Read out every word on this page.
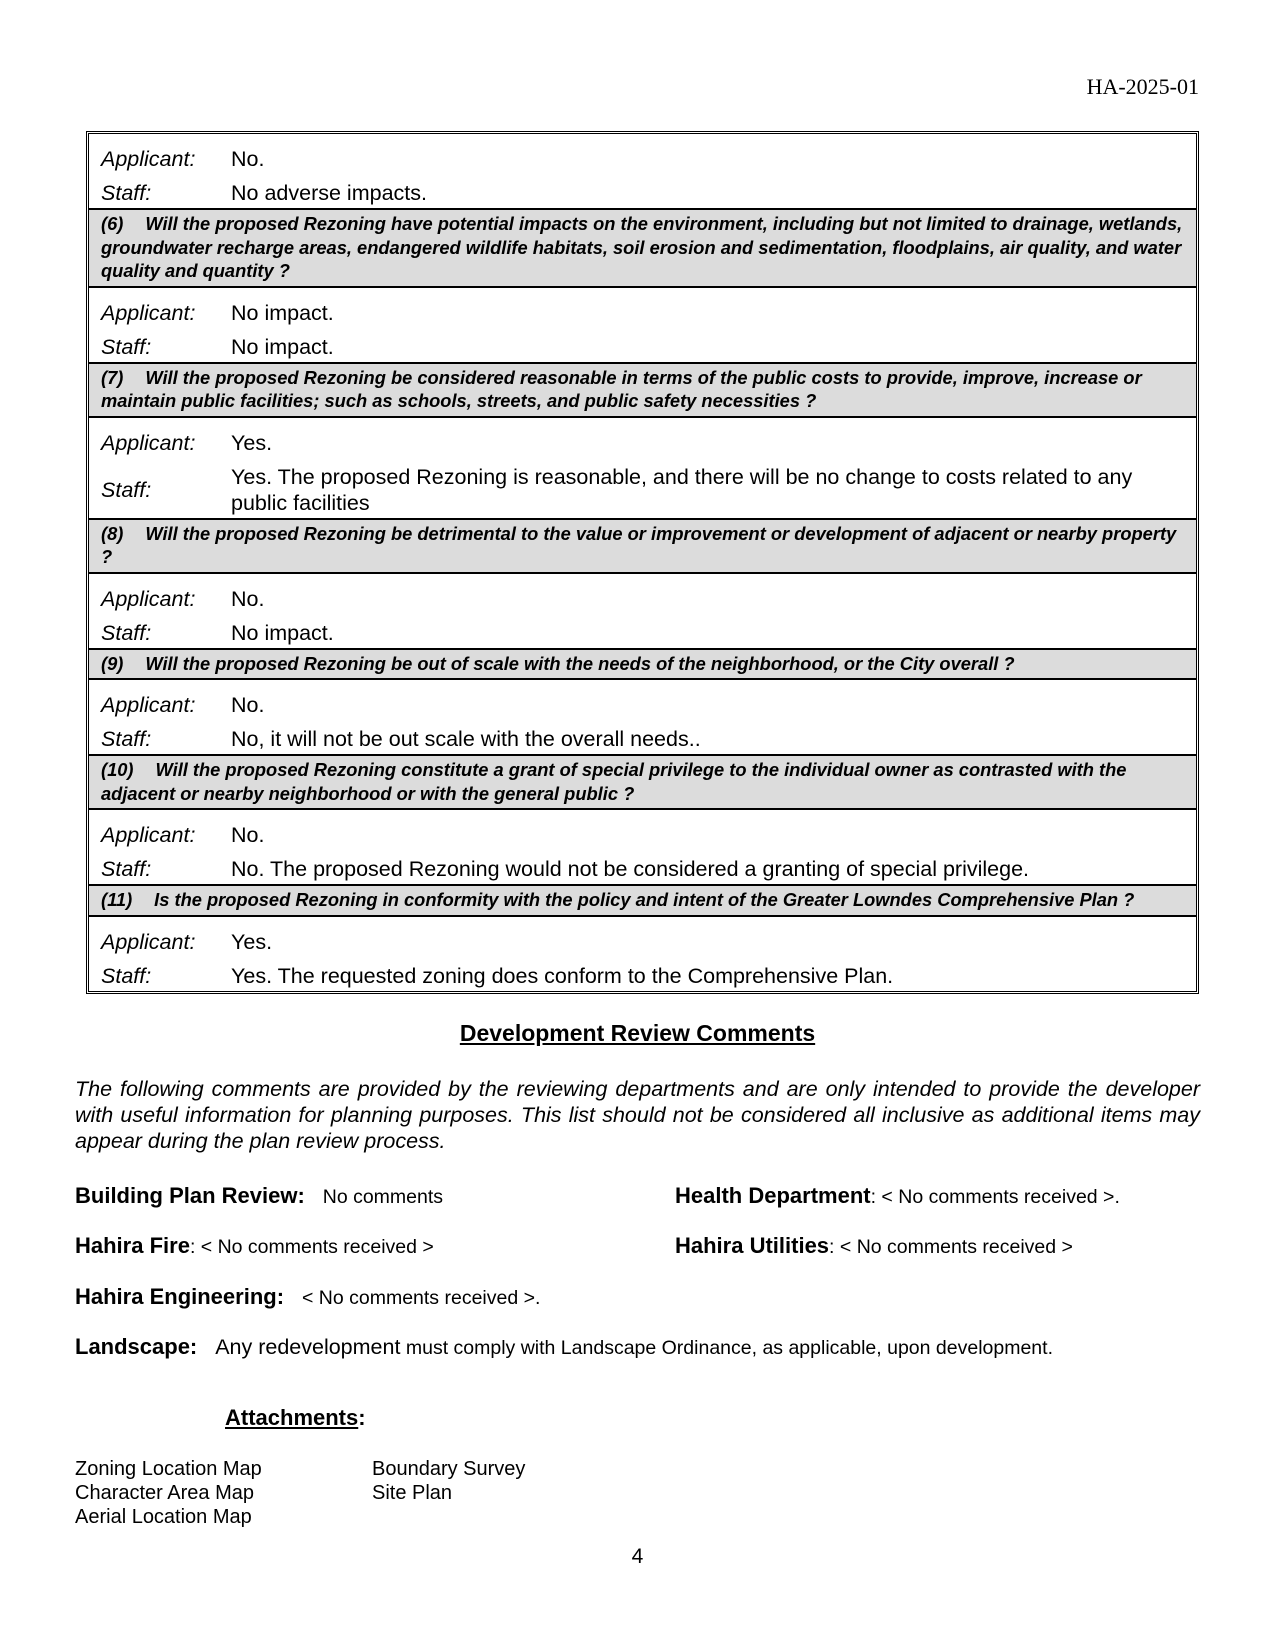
HA-2025-01
Applicant:	No.
Staff:	No adverse impacts.
(6) Will the proposed Rezoning have potential impacts on the environment, including but not limited to drainage, wetlands, groundwater recharge areas, endangered wildlife habitats, soil erosion and sedimentation, floodplains, air quality, and water quality and quantity ?
Applicant:	No impact.
Staff:	No impact.
(7) Will the proposed Rezoning be considered reasonable in terms of the public costs to provide, improve, increase or maintain public facilities; such as schools, streets, and public safety necessities ?
Applicant:	Yes.
Staff:
Yes. The proposed Rezoning is reasonable, and there will be no change to costs related to any public facilities
(8) Will the proposed Rezoning be detrimental to the value or improvement or development of adjacent or nearby property ?
Applicant:	No.
Staff:	No impact.
(9) Will the proposed Rezoning be out of scale with the needs of the neighborhood, or the City overall ?
Applicant:	No.
Staff:	No, it will not be out scale with the overall needs..
(10) Will the proposed Rezoning constitute a grant of special privilege to the individual owner as contrasted with the adjacent or nearby neighborhood or with the general public ?
Applicant:	No.
Staff:	No. The proposed Rezoning would not be considered a granting of special privilege.
(11) Is the proposed Rezoning in conformity with the policy and intent of the Greater Lowndes Comprehensive Plan ?
Applicant:	Yes.
Staff:	Yes. The requested zoning does conform to the Comprehensive Plan.
Development Review Comments
The following comments are provided by the reviewing departments and are only intended to provide the developer with useful information for planning purposes. This list should not be considered all inclusive as additional items may appear during the plan review process.
Building Plan Review: No comments	Health Department: < No comments received >.
Hahira Fire: < No comments received >	Hahira Utilities: < No comments received >
Hahira Engineering: < No comments received >.
Landscape: Any redevelopment must comply with Landscape Ordinance, as applicable, upon development.
Attachments:
Zoning Location Map
Character Area Map
Aerial Location Map
Boundary Survey
Site Plan
4
